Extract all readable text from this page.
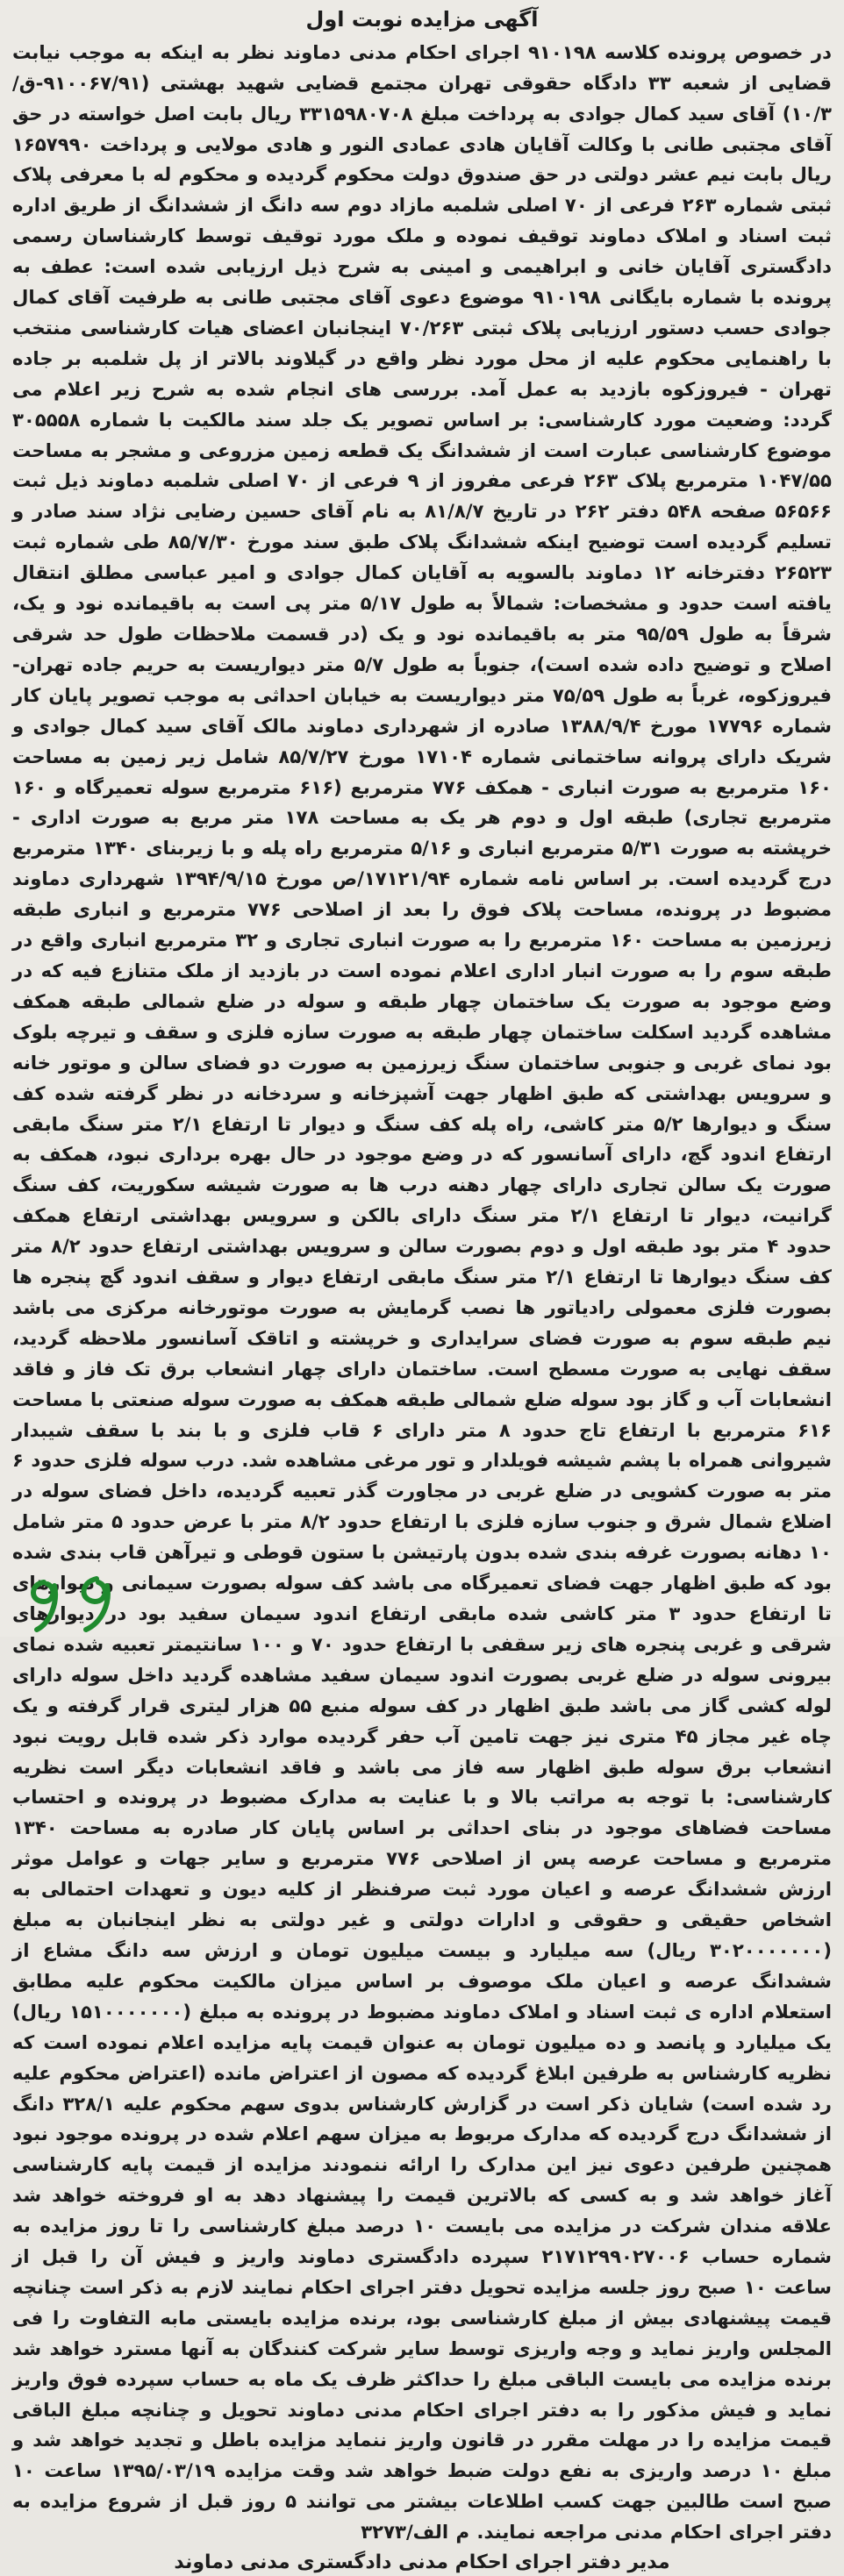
آگهی مزایده نوبت اول

در خصوص پرونده کلاسه ۹۱۰۱۹۸ اجرای احکام مدنی دماوند نظر به اینکه به موجب نیابت قضایی از شعبه ۳۳ دادگاه حقوقی تهران مجتمع قضایی شهید بهشتی (۹۱۰۰۶۷/۹۱-ق/۱۰/۳) آقای سید کمال جوادی به پرداخت مبلغ ۳۳۱۵۹۸۰۷۰۸ ریال بابت اصل خواسته در حق آقای مجتبی طانی با وکالت آقایان هادی عمادی النور و هادی مولایی و پرداخت ۱۶۵۷۹۹۰ ریال بابت نیم عشر دولتی در حق صندوق دولت محکوم گردیده و محکوم له با معرفی پلاک ثبتی شماره ۲۶۳ فرعی از ۷۰ اصلی شلمبه مازاد دوم سه دانگ از ششدانگ از طریق اداره ثبت اسناد و املاک دماوند توقیف نموده و ملک مورد توقیف توسط کارشناسان رسمی دادگستری آقایان خانی و ابراهیمی و امینی به شرح ذیل ارزیابی شده است: عطف به پرونده با شماره بایگانی ۹۱۰۱۹۸ موضوع دعوی آقای مجتبی طانی به طرفیت آقای کمال جوادی حسب دستور ارزیابی پلاک ثبتی ۷۰/۲۶۳ اینجانبان اعضای هیات کارشناسی منتخب با راهنمایی محکوم علیه از محل مورد نظر واقع در گیلاوند بالاتر از پل شلمبه بر جاده تهران - فیروزکوه بازدید به عمل آمد. بررسی های انجام شده به شرح زیر اعلام می گردد: وضعیت مورد کارشناسی: بر اساس تصویر یک جلد سند مالکیت با شماره ۳۰۵۵۵۸ موضوع کارشناسی عبارت است از ششدانگ یک قطعه زمین مزروعی و مشجر به مساحت ۱۰۴۷/۵۵ مترمربع پلاک ۲۶۳ فرعی مفروز از ۹ فرعی از ۷۰ اصلی شلمبه دماوند ذیل ثبت ۵۶۵۶۶ صفحه ۵۴۸ دفتر ۲۶۲ در تاریخ ۸۱/۸/۷ به نام آقای حسین رضایی نژاد سند صادر و تسلیم گردیده است توضیح اینکه ششدانگ پلاک طبق سند مورخ ۸۵/۷/۳۰ طی شماره ثبت ۲۶۵۲۳ دفترخانه ۱۲ دماوند بالسویه به آقایان کمال جوادی و امیر عباسی مطلق انتقال یافته است حدود و مشخصات: شمالاً به طول ۵/۱۷ متر پی است به باقیمانده نود و یک، شرقاً به طول ۹۵/۵۹ متر به باقیمانده نود و یک (در قسمت ملاحظات طول حد شرقی اصلاح و توضیح داده شده است)، جنوباً به طول ۵/۷ متر دیواریست به حریم جاده تهران- فیروزکوه، غرباً به طول ۷۵/۵۹ متر دیواریست به خیابان احداثی به موجب تصویر پایان کار شماره ۱۷۷۹۶ مورخ ۱۳۸۸/۹/۴ صادره از شهرداری دماوند مالک آقای سید کمال جوادی و شریک دارای پروانه ساختمانی شماره ۱۷۱۰۴ مورخ ۸۵/۷/۲۷ شامل زیر زمین به مساحت ۱۶۰ مترمربع به صورت انباری - همکف ۷۷۶ مترمربع (۶۱۶ مترمربع سوله تعمیرگاه و ۱۶۰ مترمربع تجاری) طبقه اول و دوم هر یک به مساحت ۱۷۸ متر مربع به صورت اداری - خرپشته به صورت ۵/۳۱ مترمربع انباری و ۵/۱۶ مترمربع راه پله و با زیربنای ۱۳۴۰ مترمربع درج گردیده است. بر اساس نامه شماره ۱۷۱۲۱/۹۴/ص مورخ ۱۳۹۴/۹/۱۵ شهرداری دماوند مضبوط در پرونده، مساحت پلاک فوق را بعد از اصلاحی ۷۷۶ مترمربع و انباری طبقه زیرزمین به مساحت ۱۶۰ مترمربع را به صورت انباری تجاری و ۳۲ مترمربع انباری واقع در طبقه سوم را به صورت انبار اداری اعلام نموده است در بازدید از ملک متنازع فیه که در وضع موجود به صورت یک ساختمان چهار طبقه و سوله در ضلع شمالی طبقه همکف مشاهده گردید اسکلت ساختمان چهار طبقه به صورت سازه فلزی و سقف و تیرچه بلوک بود نمای غربی و جنوبی ساختمان سنگ زیرزمین به صورت دو فضای سالن و موتور خانه و سرویس بهداشتی که طبق اظهار جهت آشپزخانه و سردخانه در نظر گرفته شده کف سنگ و دیوارها ۵/۲ متر کاشی، راه پله کف سنگ و دیوار تا ارتفاع ۲/۱ متر سنگ مابقی ارتفاع اندود گچ، دارای آسانسور که در وضع موجود در حال بهره برداری نبود، همکف به صورت یک سالن تجاری دارای چهار دهنه درب ها به صورت شیشه سکوریت، کف سنگ گرانیت، دیوار تا ارتفاع ۲/۱ متر سنگ دارای بالکن و سرویس بهداشتی ارتفاع همکف حدود ۴ متر بود طبقه اول و دوم بصورت سالن و سرویس بهداشتی ارتفاع حدود ۸/۲ متر کف سنگ دیوارها تا ارتفاع ۲/۱ متر سنگ مابقی ارتفاع دیوار و سقف اندود گچ پنجره ها بصورت فلزی معمولی رادیاتور ها نصب گرمایش به صورت موتورخانه مرکزی می باشد نیم طبقه سوم به صورت فضای سرایداری و خرپشته و اتاقک آسانسور ملاحظه گردید، سقف نهایی به صورت مسطح است. ساختمان دارای چهار انشعاب برق تک فاز و فاقد انشعابات آب و گاز بود سوله ضلع شمالی طبقه همکف به صورت سوله صنعتی با مساحت ۶۱۶ مترمربع با ارتفاع تاج حدود ۸ متر دارای ۶ قاب فلزی و با بند با سقف شیبدار شیروانی همراه با پشم شیشه فویلدار و تور مرغی مشاهده شد. درب سوله فلزی حدود ۶ متر به صورت کشویی در ضلع غربی در مجاورت گذر تعبیه گردیده، داخل فضای سوله در اضلاع شمال شرق و جنوب سازه فلزی با ارتفاع حدود ۸/۲ متر با عرض حدود ۵ متر شامل ۱۰ دهانه بصورت غرفه بندی شده بدون پارتیشن با ستون قوطی و تیرآهن قاب بندی شده بود که طبق اظهار جهت فضای تعمیرگاه می باشد کف سوله بصورت سیمانی و دیوارهای تا ارتفاع حدود ۳ متر کاشی شده مابقی ارتفاع اندود سیمان سفید بود در دیوارهای شرقی و غربی پنجره های زیر سقفی با ارتفاع حدود ۷۰ و ۱۰۰ سانتیمتر تعبیه شده نمای بیرونی سوله در ضلع غربی بصورت اندود سیمان سفید مشاهده گردید داخل سوله دارای لوله کشی گاز می باشد طبق اظهار در کف سوله منبع ۵۵ هزار لیتری قرار گرفته و یک چاه غیر مجاز ۴۵ متری نیز جهت تامین آب حفر گردیده موارد ذکر شده قابل رویت نبود انشعاب برق سوله طبق اظهار سه فاز می باشد و فاقد انشعابات دیگر است نظریه کارشناسی: با توجه به مراتب بالا و با عنایت به مدارک مضبوط در پرونده و احتساب مساحت فضاهای موجود در بنای احداثی بر اساس پایان کار صادره به مساحت ۱۳۴۰ مترمربع و مساحت عرصه پس از اصلاحی ۷۷۶ مترمربع و سایر جهات و عوامل موثر ارزش ششدانگ عرصه و اعیان مورد ثبت صرفنظر از کلیه دیون و تعهدات احتمالی به اشخاص حقیقی و حقوقی و ادارات دولتی و غیر دولتی به نظر اینجانبان به مبلغ (۳۰۲۰۰۰۰۰۰۰ ریال) سه میلیارد و بیست میلیون تومان و ارزش سه دانگ مشاع از ششدانگ عرصه و اعیان ملک موصوف بر اساس میزان مالکیت محکوم علیه مطابق استعلام اداره ی ثبت اسناد و املاک دماوند مضبوط در پرونده به مبلغ (۱۵۱۰۰۰۰۰۰۰ ریال) یک میلیارد و پانصد و ده میلیون تومان به عنوان قیمت پایه مزایده اعلام نموده است که نظریه کارشناس به طرفین ابلاغ گردیده که مصون از اعتراض مانده (اعتراض محکوم علیه رد شده است) شایان ذکر است در گزارش کارشناس بدوی سهم محکوم علیه ۳۲۸/۱ دانگ از ششدانگ درج گردیده که مدارک مربوط به میزان سهم اعلام شده در پرونده موجود نبود همچنین طرفین دعوی نیز این مدارک را ارائه ننمودند مزایده از قیمت پایه کارشناسی آغاز خواهد شد و به کسی که بالاترین قیمت را پیشنهاد دهد به او فروخته خواهد شد علاقه مندان شرکت در مزایده می بایست ۱۰ درصد مبلغ کارشناسی را تا روز مزایده به شماره حساب ۲۱۷۱۲۹۹۰۲۷۰۰۶ سپرده دادگستری دماوند واریز و فیش آن را قبل از ساعت ۱۰ صبح روز جلسه مزایده تحویل دفتر اجرای احکام نمایند لازم به ذکر است چنانچه قیمت پیشنهادی بیش از مبلغ کارشناسی بود، برنده مزایده بایستی مابه التفاوت را فی المجلس واریز نماید و وجه واریزی توسط سایر شرکت کنندگان به آنها مسترد خواهد شد برنده مزایده می بایست الباقی مبلغ را حداکثر ظرف یک ماه به حساب سپرده فوق واریز نماید و فیش مذکور را به دفتر اجرای احکام مدنی دماوند تحویل و چنانچه مبلغ الباقی قیمت مزایده را در مهلت مقرر در قانون واریز ننماید مزایده باطل و تجدید خواهد شد و مبلغ ۱۰ درصد واریزی به نفع دولت ضبط خواهد شد وقت مزایده ۱۳۹۵/۰۳/۱۹ ساعت ۱۰ صبح است طالبین جهت کسب اطلاعات بیشتر می توانند ۵ روز قبل از شروع مزایده به دفتر اجرای احکام مدنی مراجعه نمایند. م الف/۳۲۷۳

مدیر دفتر اجرای احکام مدنی دادگستری مدنی دماوند
